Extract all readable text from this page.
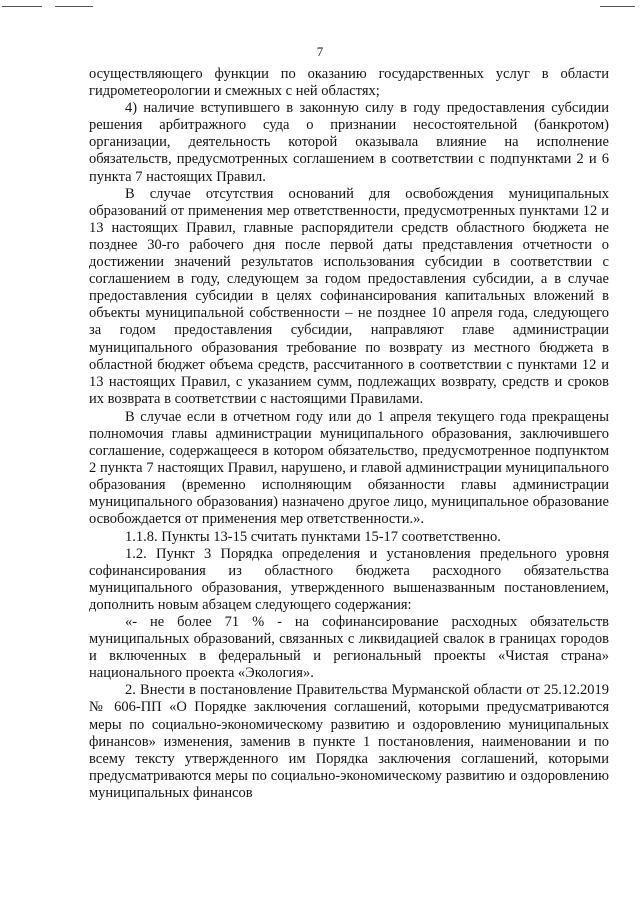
7

осуществляющего функции по оказанию государственных услуг в области гидрометеорологии и смежных с ней областях;

4) наличие вступившего в законную силу в году предоставления субсидии решения арбитражного суда о признании несостоятельной (банкротом) организации, деятельность которой оказывала влияние на исполнение обязательств, предусмотренных соглашением в соответствии с подпунктами 2 и 6 пункта 7 настоящих Правил.

В случае отсутствия оснований для освобождения муниципальных образований от применения мер ответственности, предусмотренных пунктами 12 и 13 настоящих Правил, главные распорядители средств областного бюджета не позднее 30-го рабочего дня после первой даты представления отчетности о достижении значений результатов использования субсидии в соответствии с соглашением в году, следующем за годом предоставления субсидии, а в случае предоставления субсидии в целях софинансирования капитальных вложений в объекты муниципальной собственности – не позднее 10 апреля года, следующего за годом предоставления субсидии, направляют главе администрации муниципального образования требование по возврату из местного бюджета в областной бюджет объема средств, рассчитанного в соответствии с пунктами 12 и 13 настоящих Правил, с указанием сумм, подлежащих возврату, средств и сроков их возврата в соответствии с настоящими Правилами.

В случае если в отчетном году или до 1 апреля текущего года прекращены полномочия главы администрации муниципального образования, заключившего соглашение, содержащееся в котором обязательство, предусмотренное подпунктом 2 пункта 7 настоящих Правил, нарушено, и главой администрации муниципального образования (временно исполняющим обязанности главы администрации муниципального образования) назначено другое лицо, муниципальное образование освобождается от применения мер ответственности.».

1.1.8. Пункты 13-15 считать пунктами 15-17 соответственно.

1.2. Пункт 3 Порядка определения и установления предельного уровня софинансирования из областного бюджета расходного обязательства муниципального образования, утвержденного вышеназванным постановлением, дополнить новым абзацем следующего содержания:

«- не более 71 % - на софинансирование расходных обязательств муниципальных образований, связанных с ликвидацией свалок в границах городов и включенных в федеральный и региональный проекты «Чистая страна» национального проекта «Экология».

2. Внести в постановление Правительства Мурманской области от 25.12.2019 № 606-ПП «О Порядке заключения соглашений, которыми предусматриваются меры по социально-экономическому развитию и оздоровлению муниципальных финансов» изменения, заменив в пункте 1 постановления, наименовании и по всему тексту утвержденного им Порядка заключения соглашений, которыми предусматриваются меры по социально-экономическому развитию и оздоровлению муниципальных финансов
